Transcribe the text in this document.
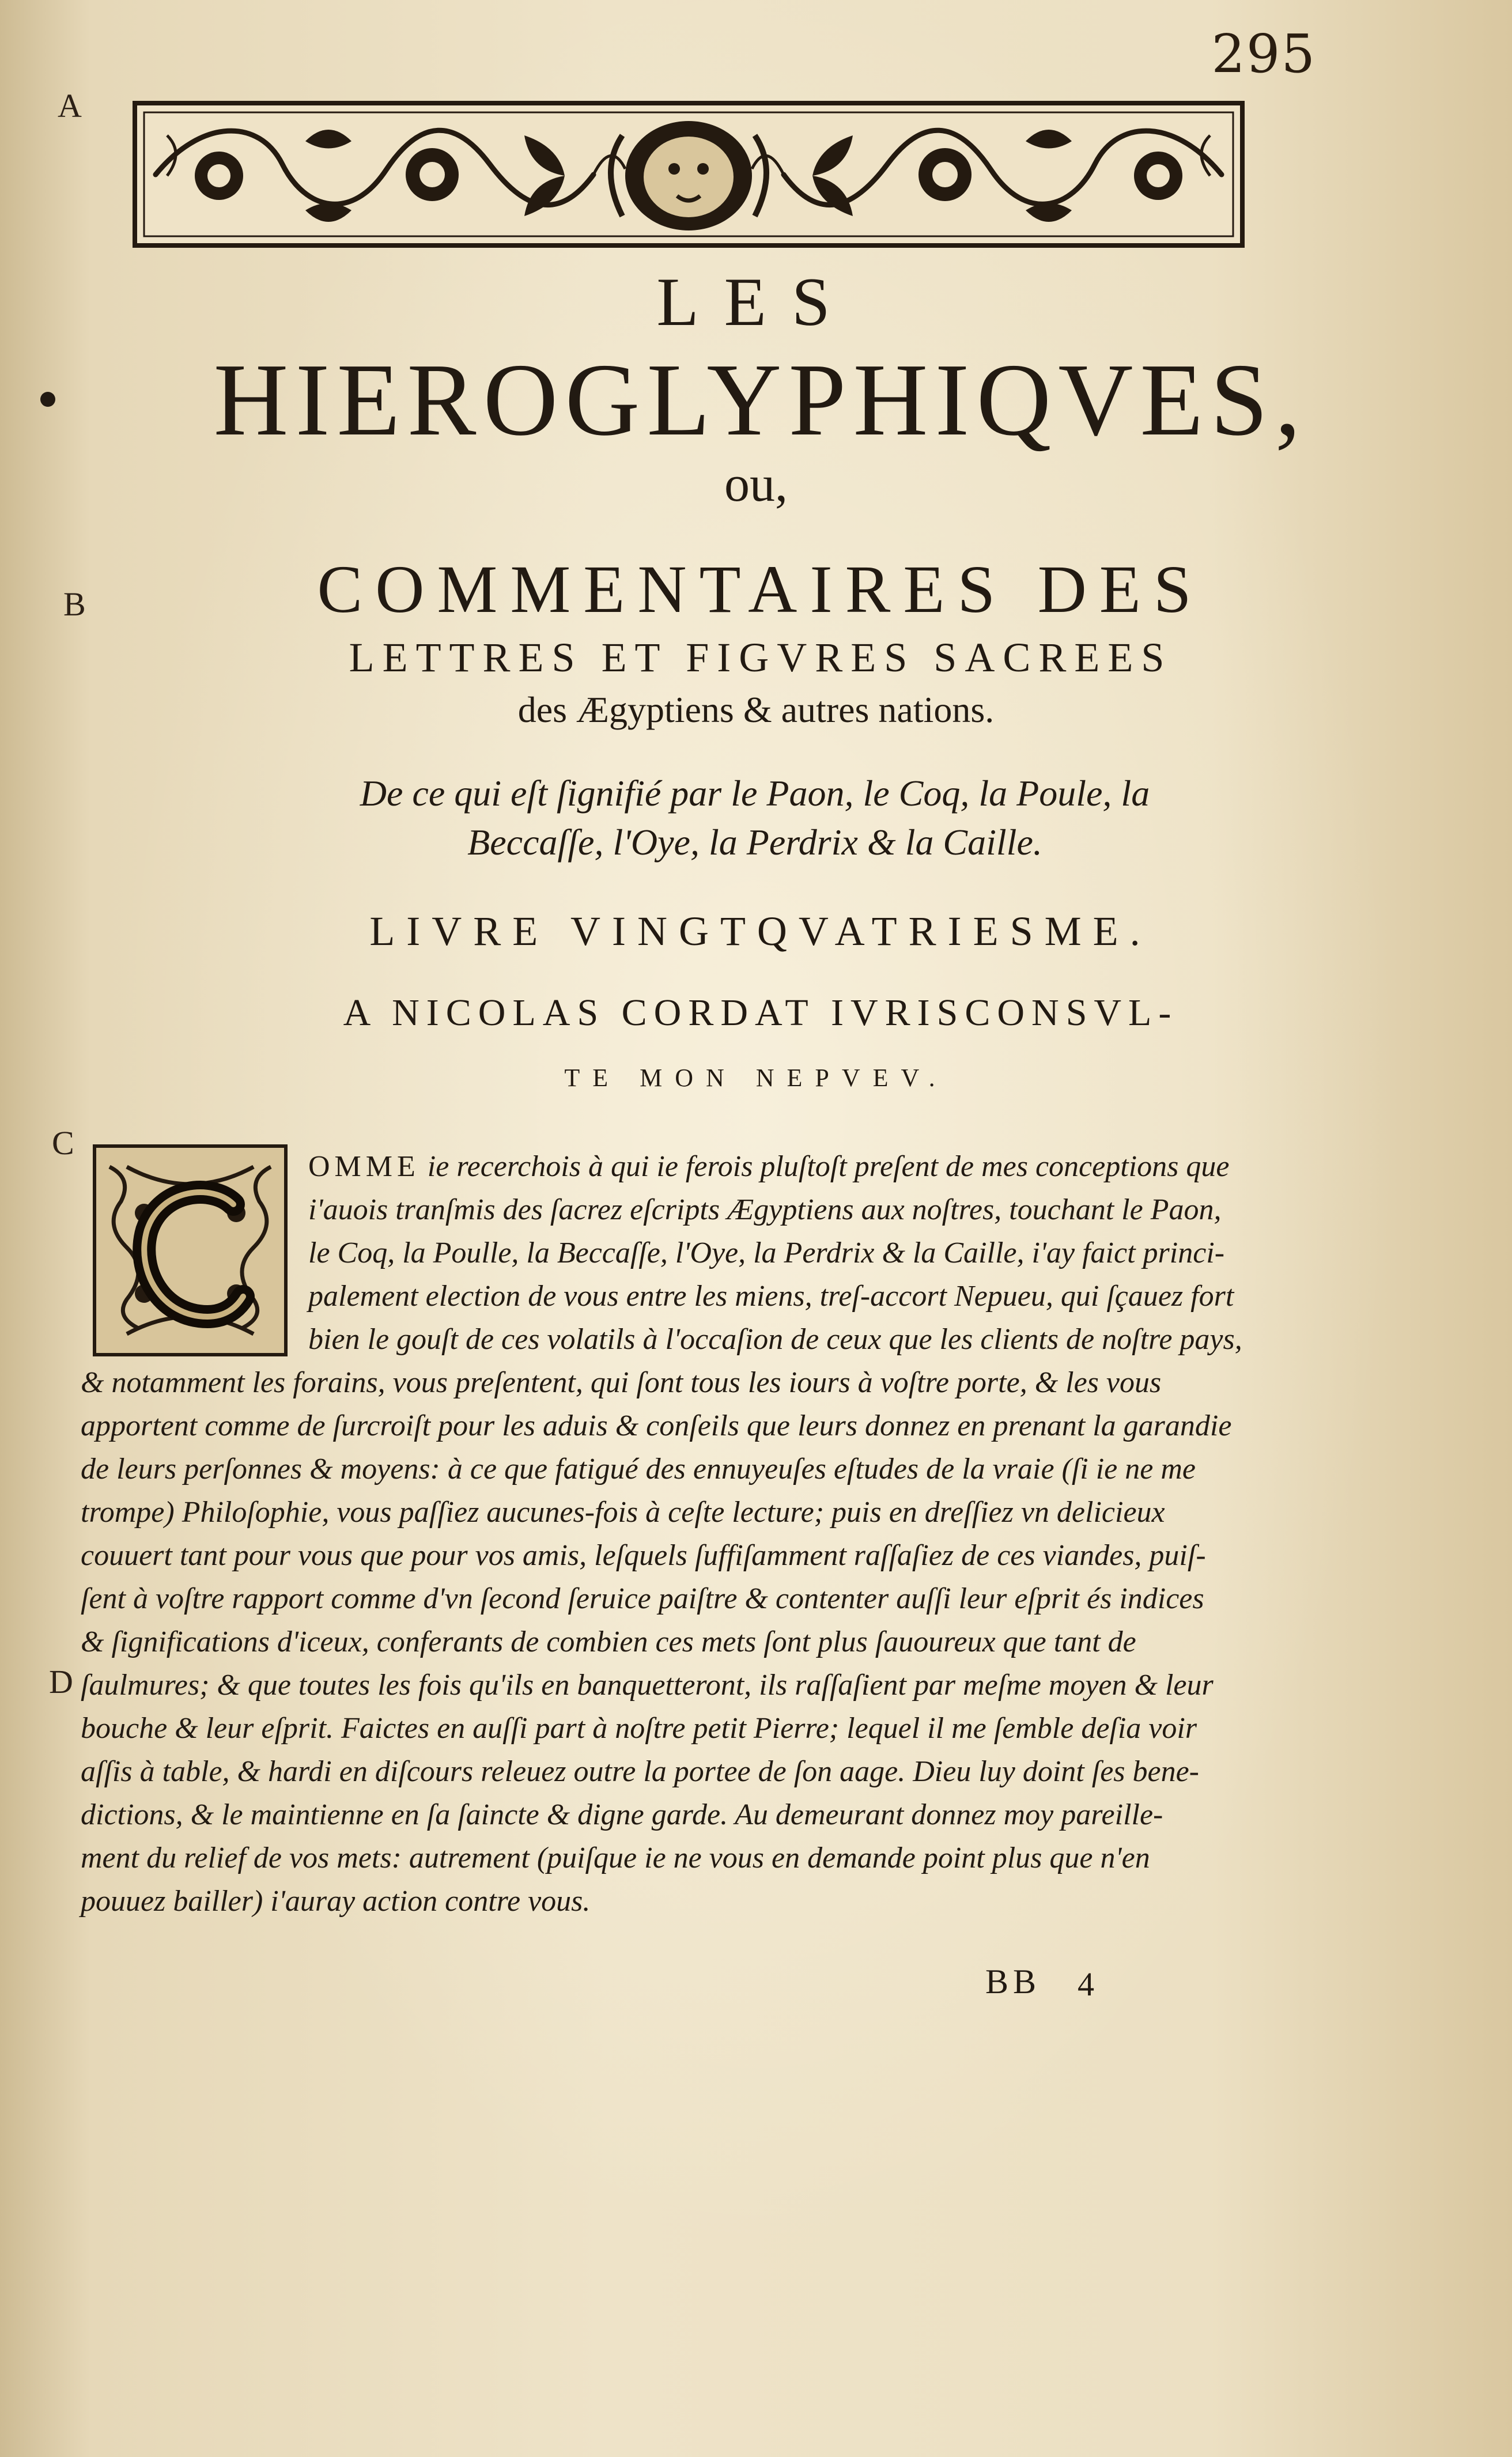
295
A
B
C
D
LES
HIEROGLYPHIQVES,
ou,
COMMENTAIRES DES
LETTRES ET FIGVRES SACREES
des Ægyptiens & autres nations.
De ce qui eſt ſignifié par le Paon, le Coq, la Poule, la
Beccaſſe, l'Oye, la Perdrix & la Caille.
LIVRE VINGTQVATRIESME.
A NICOLAS CORDAT IVRISCONSVL-
TE MON NEPVEV.
OMME ie recerchois à qui ie ferois pluſtoſt preſent de mes conceptions que
i'auois tranſmis des ſacrez eſcripts Ægyptiens aux noſtres, touchant le Paon,
le Coq, la Poulle, la Beccaſſe, l'Oye, la Perdrix & la Caille, i'ay faict princi-
palement election de vous entre les miens, treſ-accort Nepueu, qui ſçauez fort
bien le gouſt de ces volatils à l'occaſion de ceux que les clients de noſtre pays,
& notamment les forains, vous preſentent, qui ſont tous les iours à voſtre porte, & les vous
apportent comme de ſurcroiſt pour les aduis & conſeils que leurs donnez en prenant la garandie
de leurs perſonnes & moyens: à ce que fatigué des ennuyeuſes eſtudes de la vraie (ſi ie ne me
trompe) Philoſophie, vous paſſiez aucunes-fois à ceſte lecture; puis en dreſſiez vn delicieux
couuert tant pour vous que pour vos amis, leſquels ſuffiſamment raſſaſiez de ces viandes, puiſ-
ſent à voſtre rapport comme d'vn ſecond ſeruice paiſtre & contenter auſſi leur eſprit és indices
& ſignifications d'iceux, conferants de combien ces mets ſont plus ſauoureux que tant de
ſaulmures; & que toutes les fois qu'ils en banquetteront, ils raſſaſient par meſme moyen & leur
bouche & leur eſprit. Faictes en auſſi part à noſtre petit Pierre; lequel il me ſemble deſia voir
aſſis à table, & hardi en diſcours releuez outre la portee de ſon aage. Dieu luy doint ſes bene-
dictions, & le maintienne en ſa ſaincte & digne garde. Au demeurant donnez moy pareille-
ment du relief de vos mets: autrement (puiſque ie ne vous en demande point plus que n'en
pouuez bailler) i'auray action contre vous.
BB 4
